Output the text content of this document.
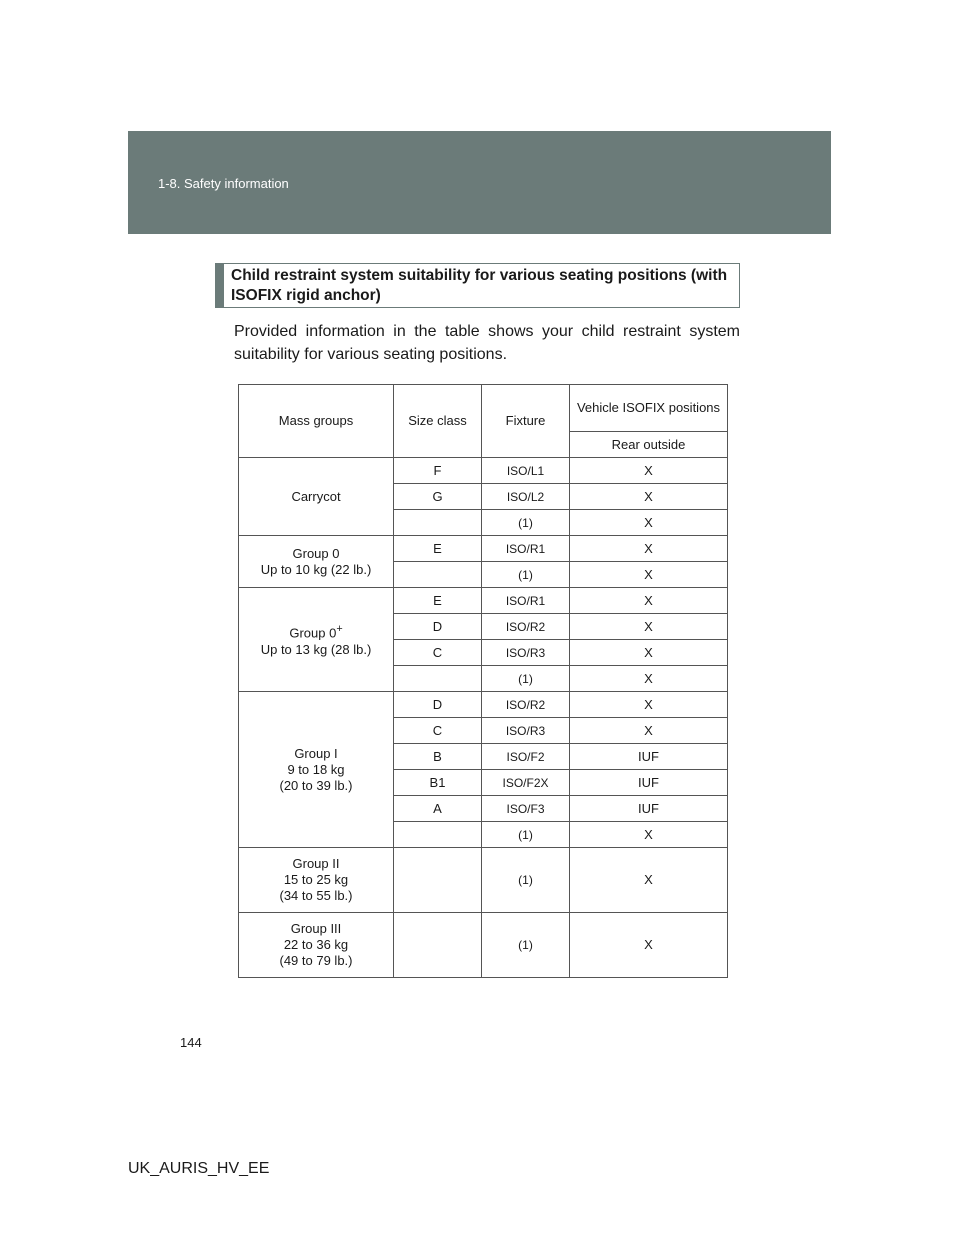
1-8. Safety information
Child restraint system suitability for various seating positions (with ISOFIX rigid anchor)
Provided information in the table shows your child restraint system suitability for various seating positions.
Mass groups	Size class	Fixture	Vehicle ISOFIX positions
			Rear outside
Carrycot	F	ISO/L1	X
	G	ISO/L2	X
		(1)	X
Group 0
Up to 10 kg (22 lb.)	E	ISO/R1	X
		(1)	X
Group 0+
Up to 13 kg (28 lb.)	E	ISO/R1	X
	D	ISO/R2	X
	C	ISO/R3	X
		(1)	X
Group I
9 to 18 kg
(20 to 39 lb.)	D	ISO/R2	X
	C	ISO/R3	X
	B	ISO/F2	IUF
	B1	ISO/F2X	IUF
	A	ISO/F3	IUF
		(1)	X
Group II
15 to 25 kg
(34 to 55 lb.)		(1)	X
Group III
22 to 36 kg
(49 to 79 lb.)		(1)	X
144
UK_AURIS_HV_EE
